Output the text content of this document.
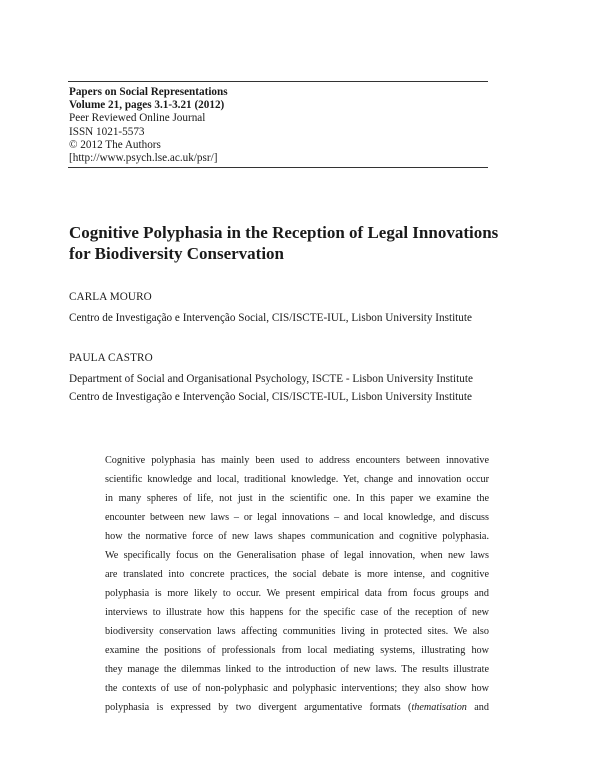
Papers on Social Representations
Volume 21, pages 3.1-3.21 (2012)
Peer Reviewed Online Journal
ISSN 1021-5573
© 2012 The Authors
[http://www.psych.lse.ac.uk/psr/]
Cognitive Polyphasia in the Reception of Legal Innovations
for Biodiversity Conservation
CARLA MOURO
Centro de Investigação e Intervenção Social, CIS/ISCTE-IUL, Lisbon University Institute
PAULA CASTRO
Department of Social and Organisational Psychology, ISCTE - Lisbon University Institute
Centro de Investigação e Intervenção Social, CIS/ISCTE-IUL, Lisbon University Institute
Cognitive polyphasia has mainly been used to address encounters between innovative
scientific knowledge and local, traditional knowledge. Yet, change and innovation occur
in many spheres of life, not just in the scientific one. In this paper we examine the
encounter between new laws – or legal innovations – and local knowledge, and discuss
how the normative force of new laws shapes communication and cognitive polyphasia.
We specifically focus on the Generalisation phase of legal innovation, when new laws
are translated into concrete practices, the social debate is more intense, and cognitive
polyphasia is more likely to occur. We present empirical data from focus groups and
interviews to illustrate how this happens for the specific case of the reception of new
biodiversity conservation laws affecting communities living in protected sites. We also
examine the positions of professionals from local mediating systems, illustrating how
they manage the dilemmas linked to the introduction of new laws. The results illustrate
the contexts of use of non-polyphasic and polyphasic interventions; they also show how
polyphasia is expressed by two divergent argumentative formats (thematisation and
